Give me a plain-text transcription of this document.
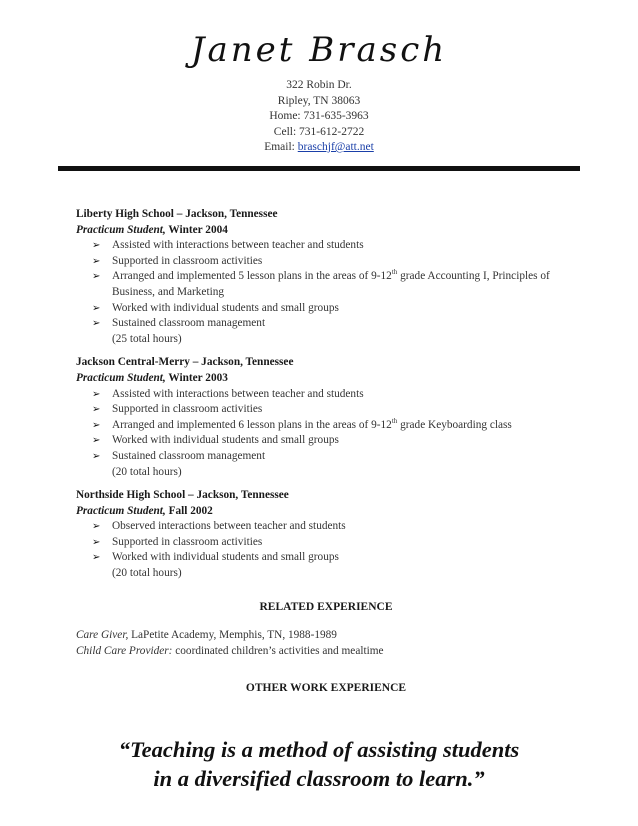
Janet Brasch
322 Robin Dr.
Ripley, TN 38063
Home: 731-635-3963
Cell: 731-612-2722
Email: braschjf@att.net
Liberty High School – Jackson, Tennessee
Practicum Student, Winter 2004
➢ Assisted with interactions between teacher and students
➢ Supported in classroom activities
➢ Arranged and implemented 5 lesson plans in the areas of 9-12th grade Accounting I, Principles of Business, and Marketing
➢ Worked with individual students and small groups
➢ Sustained classroom management
(25 total hours)
Jackson Central-Merry – Jackson, Tennessee
Practicum Student, Winter 2003
➢ Assisted with interactions between teacher and students
➢ Supported in classroom activities
➢ Arranged and implemented 6 lesson plans in the areas of 9-12th grade Keyboarding class
➢ Worked with individual students and small groups
➢ Sustained classroom management
(20 total hours)
Northside High School – Jackson, Tennessee
Practicum Student, Fall 2002
➢ Observed interactions between teacher and students
➢ Supported in classroom activities
➢ Worked with individual students and small groups
(20 total hours)
RELATED EXPERIENCE
Care Giver, LaPetite Academy, Memphis, TN, 1988-1989
Child Care Provider: coordinated children’s activities and mealtime
OTHER WORK EXPERIENCE
“Teaching is a method of assisting students
in a diversified classroom to learn.”
